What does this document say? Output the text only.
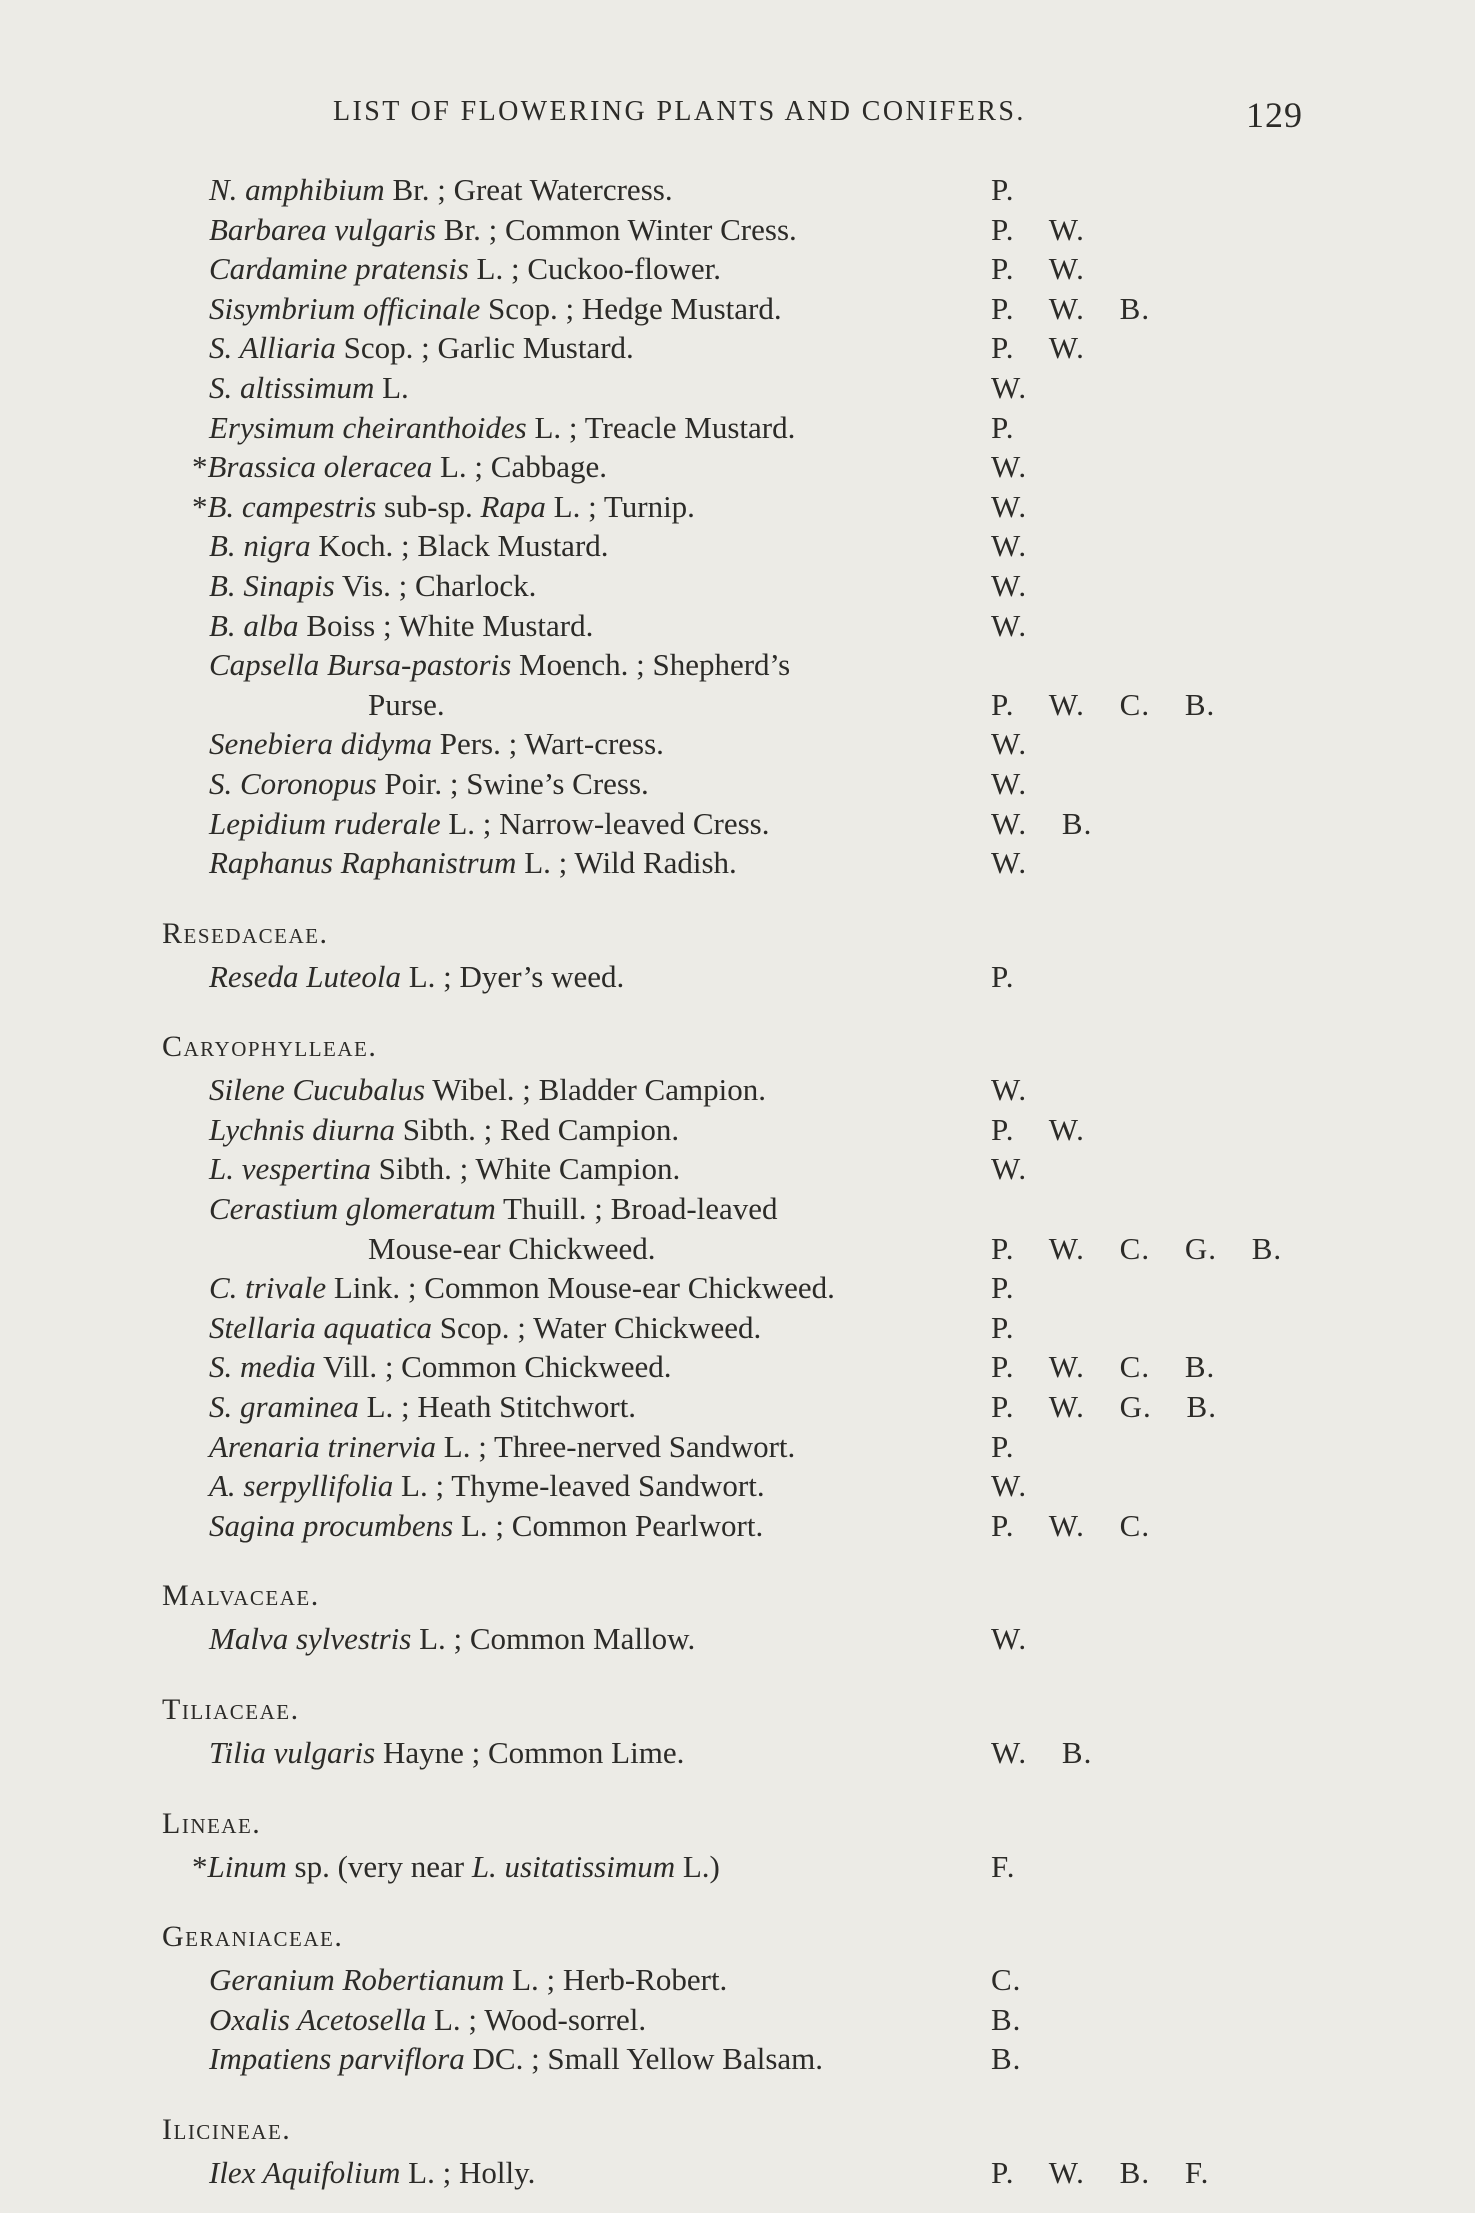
LIST OF FLOWERING PLANTS AND CONIFERS.	129
N. amphibium Br. ; Great Watercress.	P.
Barbarea vulgaris Br. ; Common Winter Cress.	P. W.
Cardamine pratensis L. ; Cuckoo-flower.	P. W.
Sisymbrium officinale Scop. ; Hedge Mustard.	P. W. B.
S. Alliaria Scop. ; Garlic Mustard.	P. W.
S. altissimum L.	W.
Erysimum cheiranthoides L. ; Treacle Mustard.	P.
*Brassica oleracea L. ; Cabbage.	W.
*B. campestris sub-sp. Rapa L. ; Turnip.	W.
B. nigra Koch. ; Black Mustard.	W.
B. Sinapis Vis. ; Charlock.	W.
B. alba Boiss ; White Mustard.	W.
Capsella Bursa-pastoris Moench. ; Shepherd’s
Purse.	P. W. C. B.
Senebiera didyma Pers. ; Wart-cress.	W.
S. Coronopus Poir. ; Swine’s Cress.	W.
Lepidium ruderale L. ; Narrow-leaved Cress.	W. B.
Raphanus Raphanistrum L. ; Wild Radish.	W.
Resedaceae.
Reseda Luteola L. ; Dyer’s weed.	P.
Caryophylleae.
Silene Cucubalus Wibel. ; Bladder Campion.	W.
Lychnis diurna Sibth. ; Red Campion.	P. W.
L. vespertina Sibth. ; White Campion.	W.
Cerastium glomeratum Thuill. ; Broad-leaved
Mouse-ear Chickweed.	P. W. C. G. B.
C. trivale Link. ; Common Mouse-ear Chickweed.	P.
Stellaria aquatica Scop. ; Water Chickweed.	P.
S. media Vill. ; Common Chickweed.	P. W. C. B.
S. graminea L. ; Heath Stitchwort.	P. W. G. B.
Arenaria trinervia L. ; Three-nerved Sandwort.	P.
A. serpyllifolia L. ; Thyme-leaved Sandwort.	W.
Sagina procumbens L. ; Common Pearlwort.	P. W. C.
Malvaceae.
Malva sylvestris L. ; Common Mallow.	W.
Tiliaceae.
Tilia vulgaris Hayne ; Common Lime.	W. B.
Lineae.
*Linum sp. (very near L. usitatissimum L.)	F.
Geraniaceae.
Geranium Robertianum L. ; Herb-Robert.	C.
Oxalis Acetosella L. ; Wood-sorrel.	B.
Impatiens parviflora DC. ; Small Yellow Balsam.	B.
Ilicineae.
Ilex Aquifolium L. ; Holly.	P. W. B. F.
